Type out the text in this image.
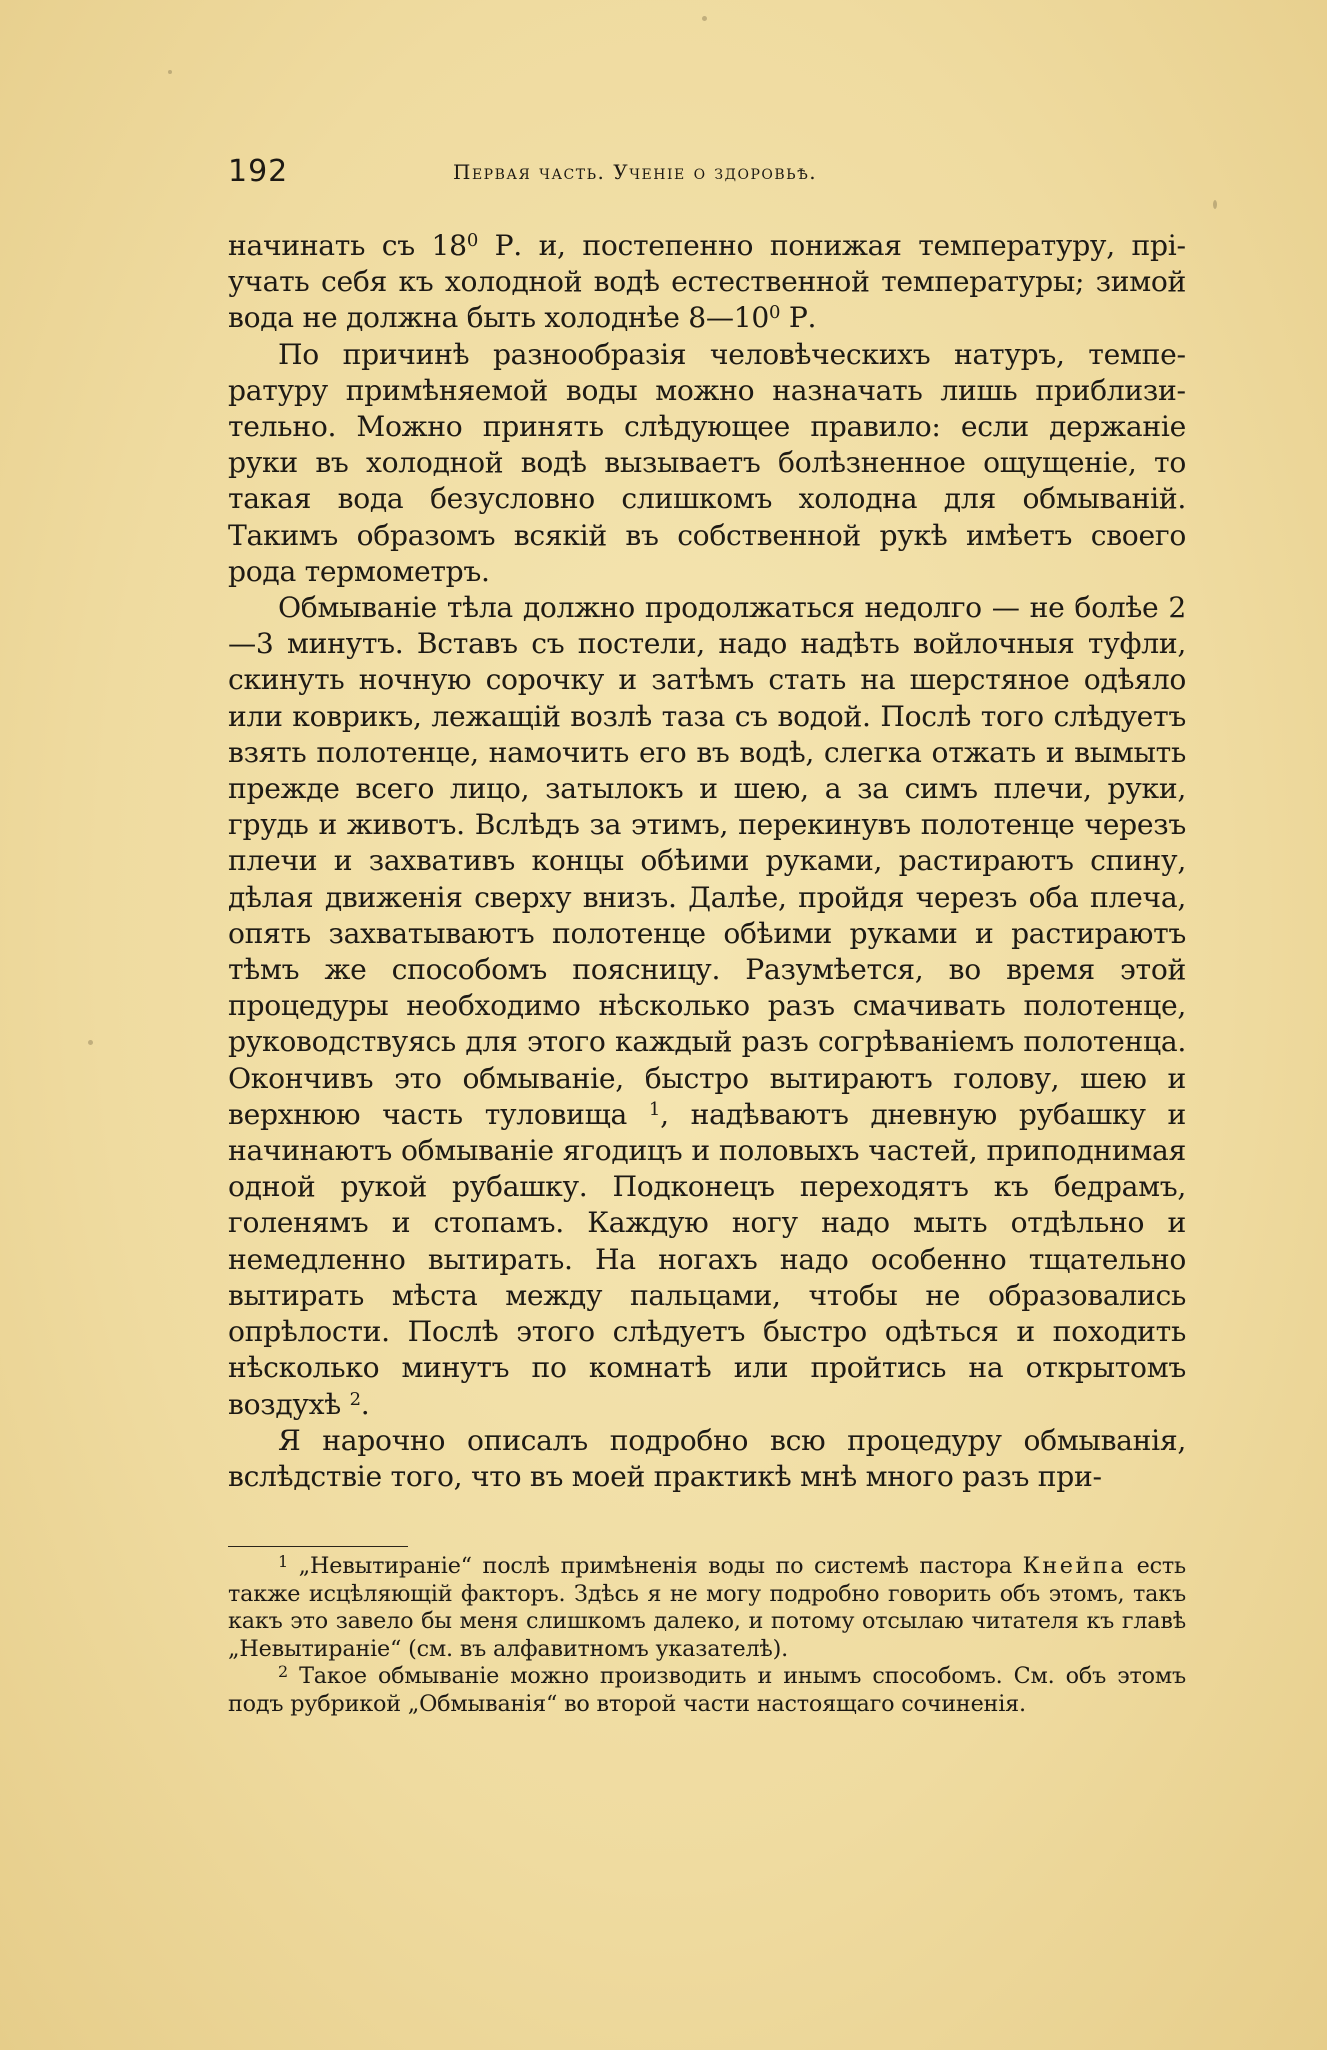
192	Первая часть. Ученіе о здоровьѣ.

начинать съ $18^0$ Р. и, постепенно понижая температуру, пріучать себя къ холодной водѣ естественной температуры; зимой вода не должна быть холоднѣе $8—10^0$ Р.

По причинѣ разнообразія человѣческихъ натуръ, температуру примѣняемой воды можно назначать лишь приблизительно. Можно принять слѣдующее правило: если держаніе руки въ холодной водѣ вызываетъ болѣзненное ощущеніе, то такая вода безусловно слишкомъ холодна для обмываній. Такимъ образомъ всякій въ собственной рукѣ имѣетъ своего рода термометръ.

Обмываніе тѣла должно продолжаться недолго — не болѣе 2—3 минутъ. Вставъ съ постели, надо надѣть войлочныя туфли, скинуть ночную сорочку и затѣмъ стать на шерстяное одѣяло или коврикъ, лежащій возлѣ таза съ водой. Послѣ того слѣдуетъ взять полотенце, намочить его въ водѣ, слегка отжать и вымыть прежде всего лицо, затылокъ и шею, а за симъ плечи, руки, грудь и животъ. Вслѣдъ за этимъ, перекинувъ полотенце черезъ плечи и захвативъ концы обѣими руками, растираютъ спину, дѣлая движенія сверху внизъ. Далѣе, пройдя черезъ оба плеча, опять захватываютъ полотенце обѣими руками и растираютъ тѣмъ же способомъ поясницу. Разумѣется, во время этой процедуры необходимо нѣсколько разъ смачивать полотенце, руководствуясь для этого каждый разъ согрѣваніемъ полотенца. Окончивъ это обмываніе, быстро вытираютъ голову, шею и верхнюю часть туловища $^1$, надѣваютъ дневную рубашку и начинаютъ обмываніе ягодицъ и половыхъ частей, приподнимая одной рукой рубашку. Подконецъ переходятъ къ бедрамъ, голенямъ и стопамъ. Каждую ногу надо мыть отдѣльно и немедленно вытирать. На ногахъ надо особенно тщательно вытирать мѣста между пальцами, чтобы не образовались опрѣлости. Послѣ этого слѣдуетъ быстро одѣться и походить нѣсколько минутъ по комнатѣ или пройтись на открытомъ воздухѣ $^2$.

Я нарочно описалъ подробно всю процедуру обмыванія, вслѣдствіе того, что въ моей практикѣ мнѣ много разъ при-

$^1$ „Невытираніе“ послѣ примѣненія воды по системѣ пастора Кнейпа есть также исцѣляющій факторъ. Здѣсь я не могу подробно говорить объ этомъ, такъ какъ это завело бы меня слишкомъ далеко, и потому отсылаю читателя къ главѣ „Невытираніе“ (см. въ алфавитномъ указателѣ).

$^2$ Такое обмываніе можно производить и инымъ способомъ. См. объ этомъ подъ рубрикой „Обмыванія“ во второй части настоящаго сочиненія.
